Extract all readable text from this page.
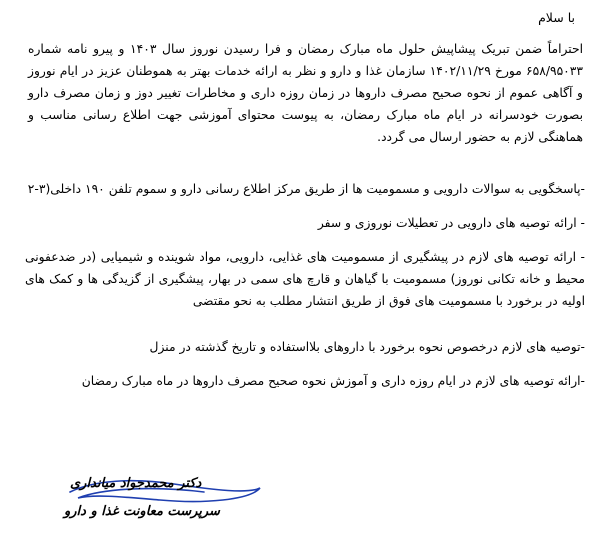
با سلام

احتراماً ضمن تبریک پیشاپیش حلول ماه مبارک رمضان و فرا رسیدن نوروز سال ۱۴۰۳ و پیرو نامه شماره ۶۵۸/۹۵۰۳۳ مورخ ۱۴۰۲/۱۱/۲۹ سازمان غذا و دارو و نظر به ارائه خدمات بهتر به هموطنان عزیز در ایام نوروز و آگاهی عموم از نحوه صحیح مصرف داروها در زمان روزه داری و مخاطرات تغییر دوز و زمان مصرف دارو بصورت خودسرانه در ایام ماه مبارک رمضان، به پیوست محتوای آموزشی جهت اطلاع رسانی مناسب و هماهنگی لازم به حضور ارسال می گردد.

-پاسخگویی به سوالات دارویی و مسمومیت ها از طریق مرکز اطلاع رسانی دارو و سموم تلفن ۱۹۰ داخلی(۳-۲

- ارائه توصیه های دارویی در تعطیلات نوروزی و سفر

- ارائه توصیه های لازم در پیشگیری از مسمومیت های غذایی، دارویی، مواد شوینده و شیمیایی (در ضدعفونی محیط و خانه تکانی نوروز) مسمومیت با گیاهان و قارچ های سمی در بهار، پیشگیری از گزیدگی ها و کمک های اولیه در برخورد با مسمومیت های فوق از طریق انتشار مطلب به نحو مقتضی

-توصیه های لازم درخصوص نحوه برخورد با داروهای بلااستفاده و تاریخ گذشته در منزل

-ارائه توصیه های لازم در ایام روزه داری و آموزش نحوه صحیح مصرف داروها در ماه مبارک رمضان

دکتر محمدجواد میانداری

سرپرست معاونت غذا و دارو
